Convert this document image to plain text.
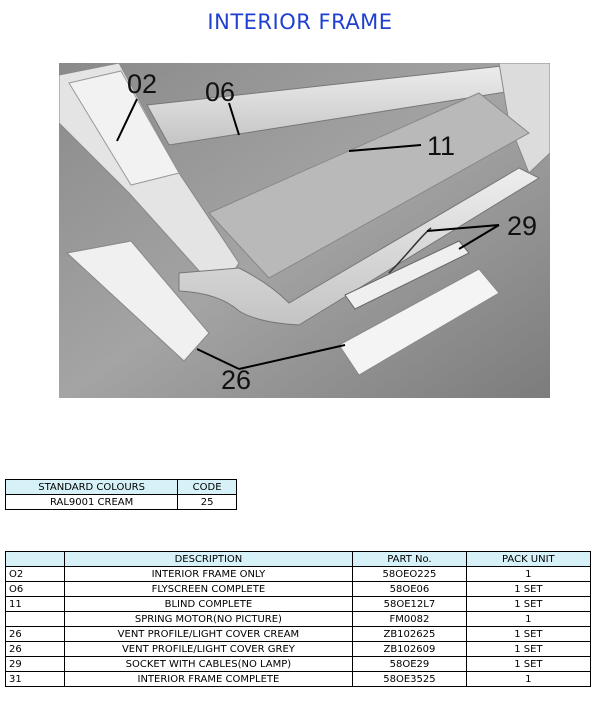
INTERIOR FRAME
02 06
11
29
26
STANDARD COLOURS	CODE
RAL9001 CREAM	25
	DESCRIPTION	PART No.	PACK UNIT
O2	INTERIOR FRAME ONLY	58OEO225	1
O6	FLYSCREEN COMPLETE	58OE06	1 SET
11	BLIND COMPLETE	58OE12L7	1 SET
	SPRING MOTOR(NO PICTURE)	FM0082	1
26	VENT PROFILE/LIGHT COVER CREAM	ZB102625	1 SET
26	VENT PROFILE/LIGHT COVER GREY	ZB102609	1 SET
29	SOCKET WITH CABLES(NO LAMP)	58OE29	1 SET
31	INTERIOR FRAME COMPLETE	58OE3525	1
